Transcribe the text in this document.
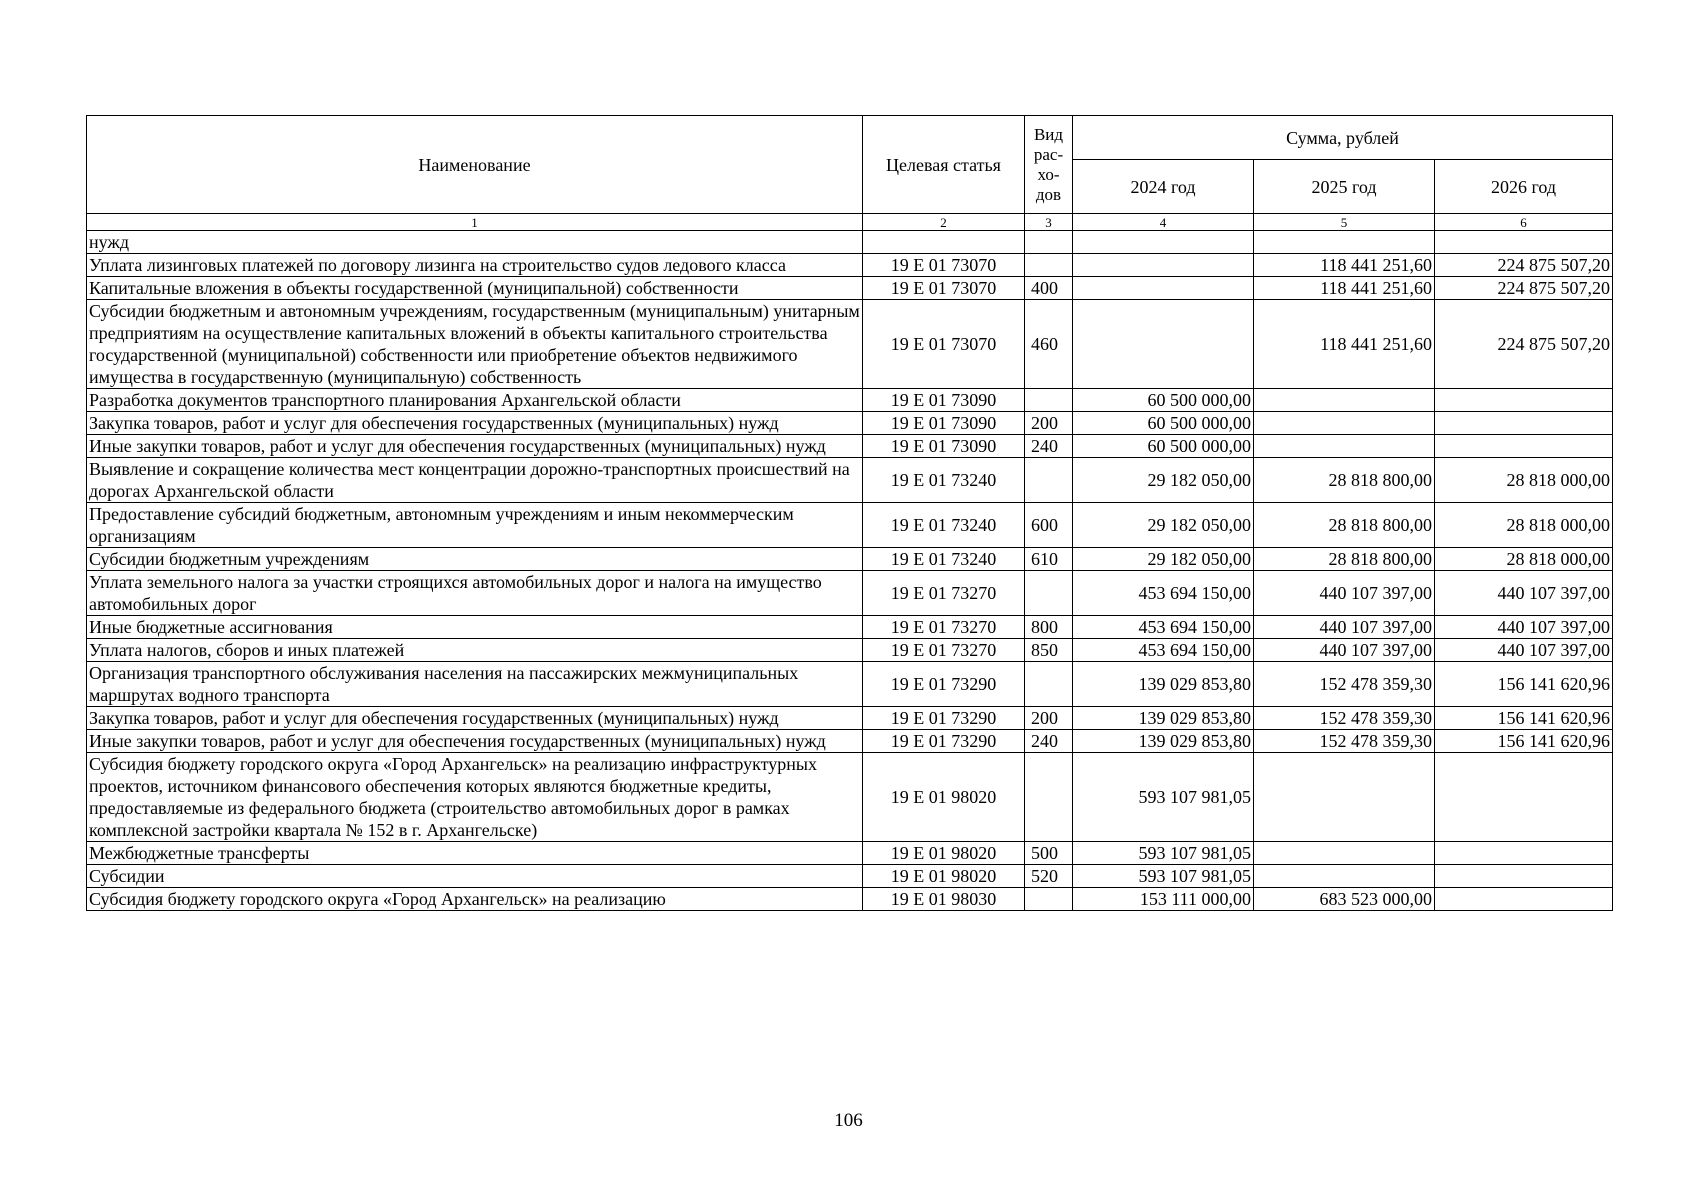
Наименование	Целевая статья	Вид рас- хо- дов	Сумма, рублей		
			2024 год	2025 год	2026 год
1	2	3	4	5	6
нужд					
Уплата лизинговых платежей по договору лизинга на строительство судов ледового класса	19 Е 01 73070			118 441 251,60	224 875 507,20
Капитальные вложения в объекты государственной (муниципальной) собственности	19 Е 01 73070	400		118 441 251,60	224 875 507,20
Субсидии бюджетным и автономным учреждениям, государственным (муниципальным) унитарным предприятиям на осуществление капитальных вложений в объекты капитального строительства государственной (муниципальной) собственности или приобретение объектов недвижимого имущества в государственную (муниципальную) собственность	19 Е 01 73070	460		118 441 251,60	224 875 507,20
Разработка документов транспортного планирования Архангельской области	19 Е 01 73090		60 500 000,00		
Закупка товаров, работ и услуг для обеспечения государственных (муниципальных) нужд	19 Е 01 73090	200	60 500 000,00		
Иные закупки товаров, работ и услуг для обеспечения государственных (муниципальных) нужд	19 Е 01 73090	240	60 500 000,00		
Выявление и сокращение количества мест концентрации дорожно-транспортных происшествий на дорогах Архангельской области	19 Е 01 73240		29 182 050,00	28 818 800,00	28 818 000,00
Предоставление субсидий бюджетным, автономным учреждениям и иным некоммерческим организациям	19 Е 01 73240	600	29 182 050,00	28 818 800,00	28 818 000,00
Субсидии бюджетным учреждениям	19 Е 01 73240	610	29 182 050,00	28 818 800,00	28 818 000,00
Уплата земельного налога за участки строящихся автомобильных дорог и налога на имущество автомобильных дорог	19 Е 01 73270		453 694 150,00	440 107 397,00	440 107 397,00
Иные бюджетные ассигнования	19 Е 01 73270	800	453 694 150,00	440 107 397,00	440 107 397,00
Уплата налогов, сборов и иных платежей	19 Е 01 73270	850	453 694 150,00	440 107 397,00	440 107 397,00
Организация транспортного обслуживания населения на пассажирских межмуниципальных маршрутах водного транспорта	19 Е 01 73290		139 029 853,80	152 478 359,30	156 141 620,96
Закупка товаров, работ и услуг для обеспечения государственных (муниципальных) нужд	19 Е 01 73290	200	139 029 853,80	152 478 359,30	156 141 620,96
Иные закупки товаров, работ и услуг для обеспечения государственных (муниципальных) нужд	19 Е 01 73290	240	139 029 853,80	152 478 359,30	156 141 620,96
Субсидия бюджету городского округа «Город Архангельск» на реализацию инфраструктурных проектов, источником финансового обеспечения которых являются бюджетные кредиты, предоставляемые из федерального бюджета (строительство автомобильных дорог в рамках комплексной застройки квартала № 152 в г. Архангельске)	19 Е 01 98020		593 107 981,05		
Межбюджетные трансферты	19 Е 01 98020	500	593 107 981,05		
Субсидии	19 Е 01 98020	520	593 107 981,05		
Субсидия бюджету городского округа «Город Архангельск» на реализацию	19 Е 01 98030		153 111 000,00	683 523 000,00	
106
